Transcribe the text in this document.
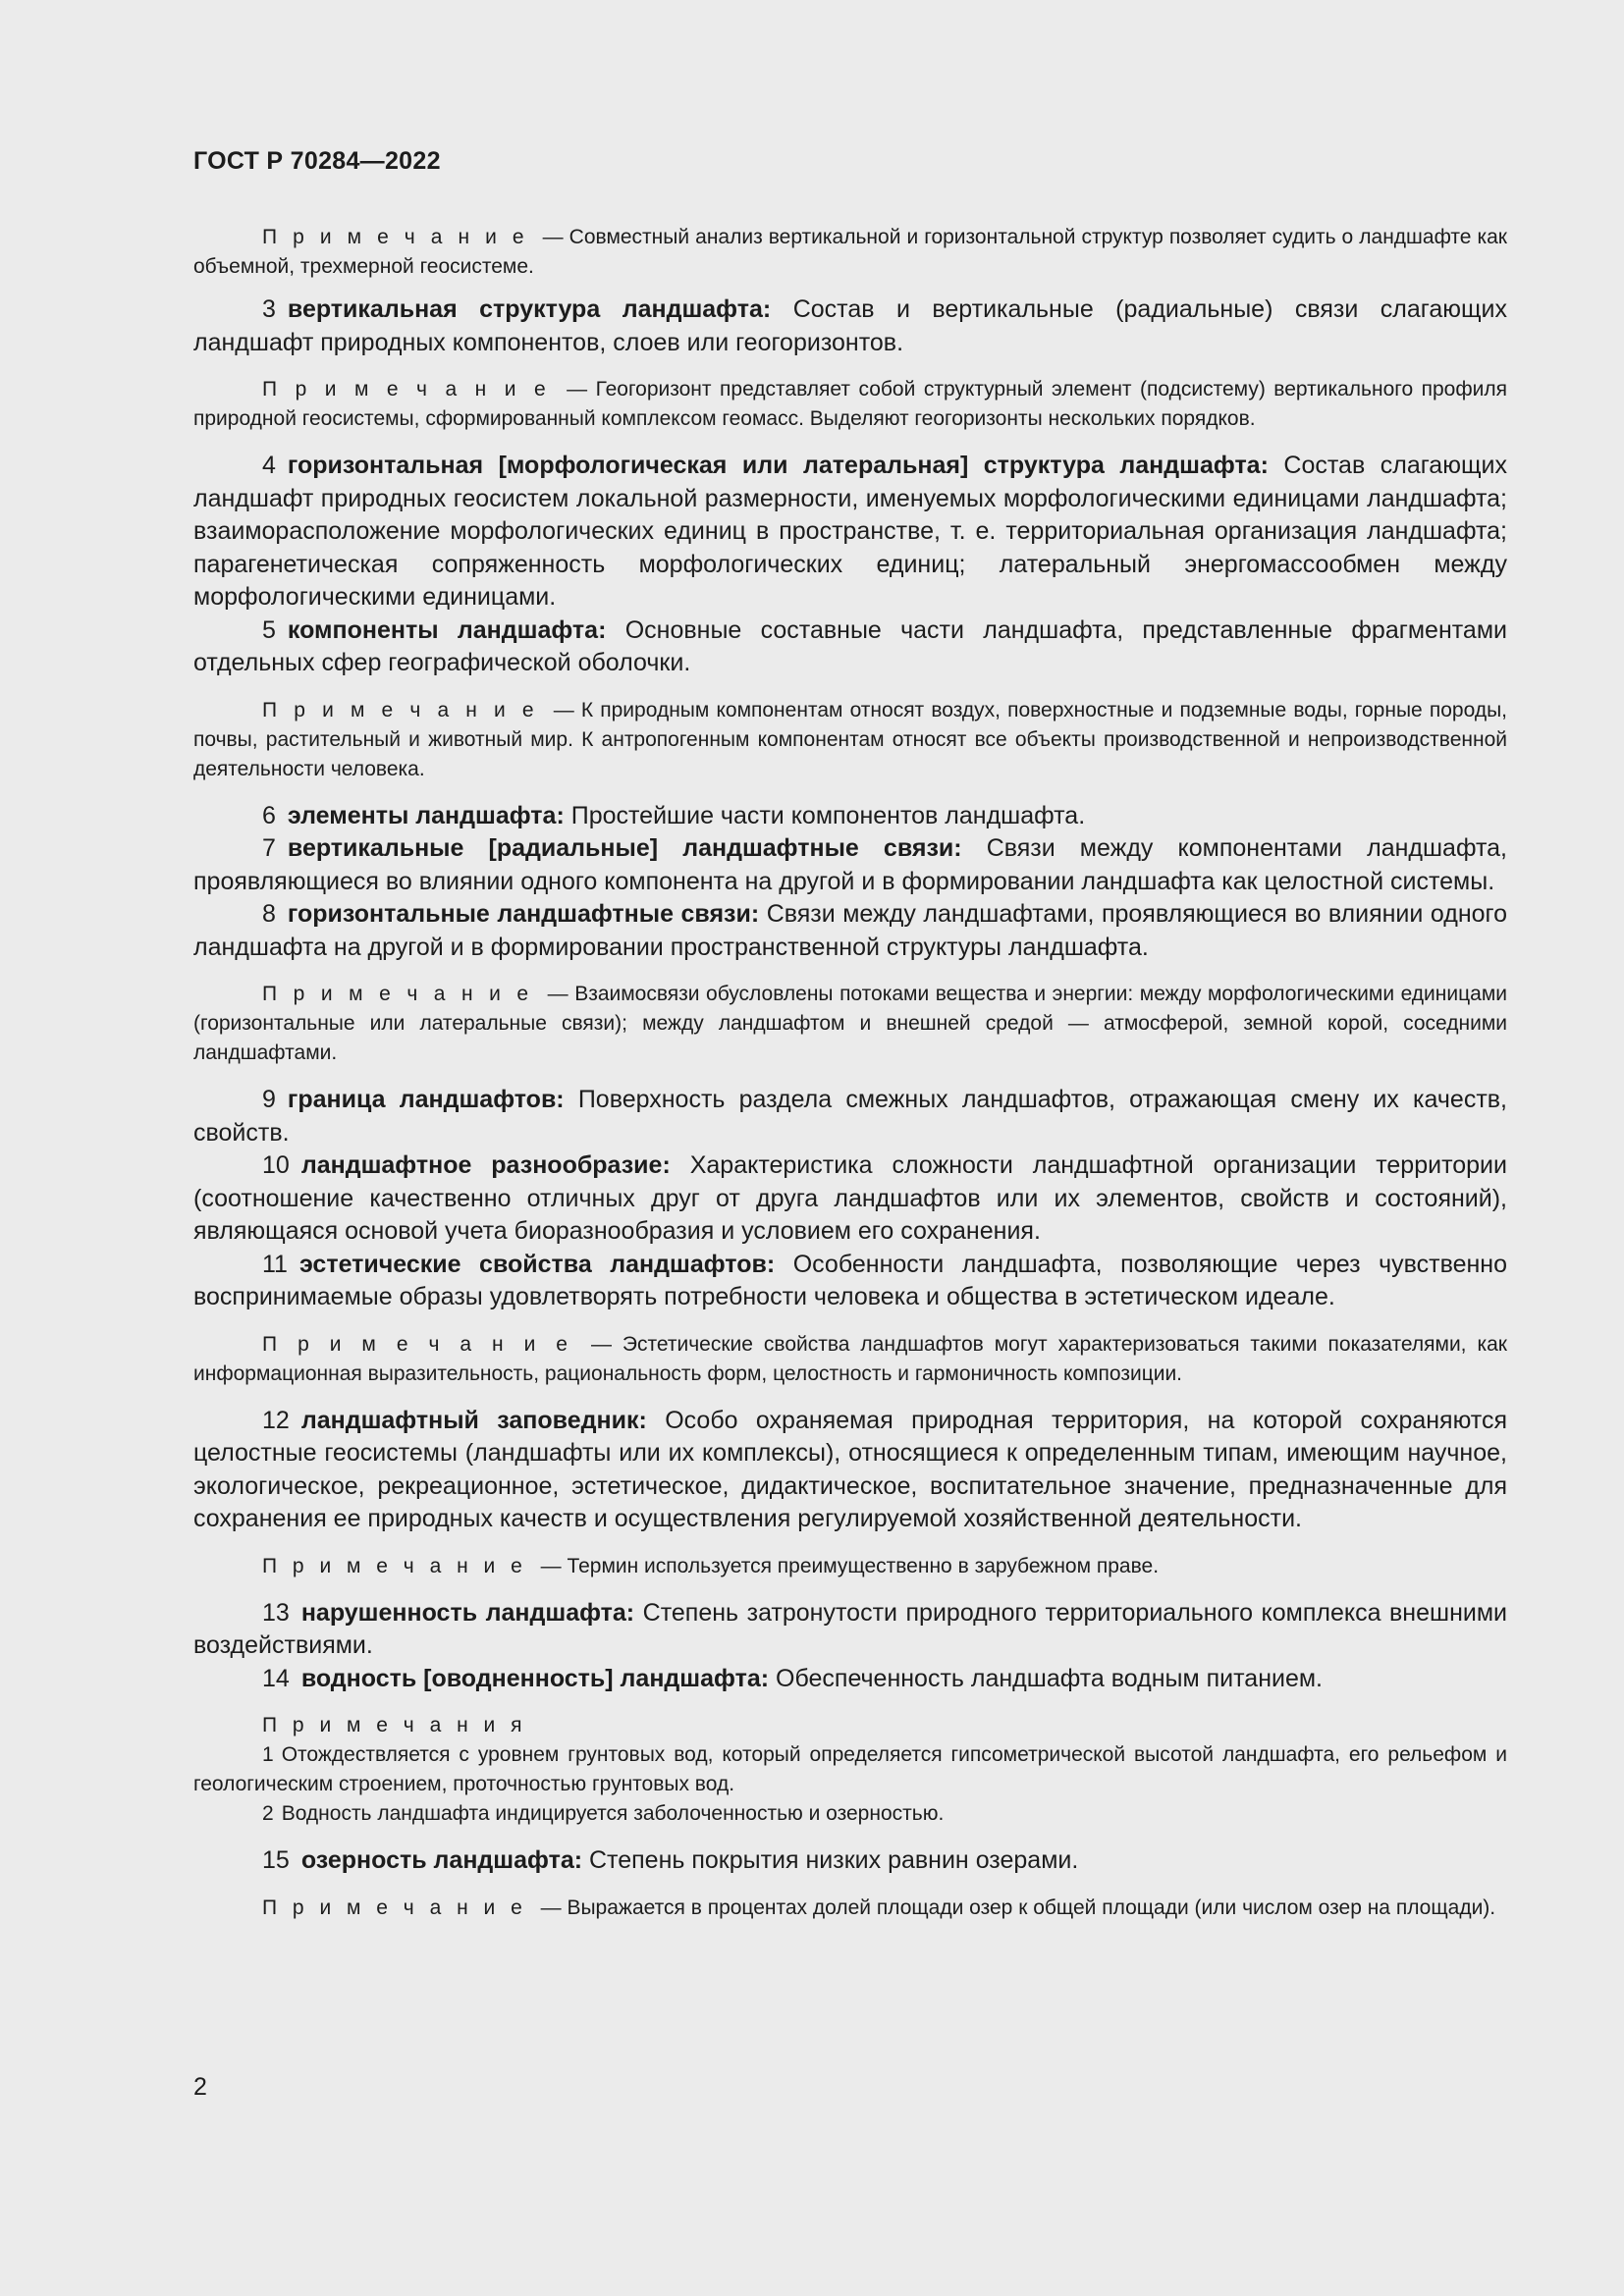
ГОСТ Р 70284—2022

П р и м е ч а н и е — Совместный анализ вертикальной и горизонтальной структур позволяет судить о ландшафте как объемной, трехмерной геосистеме.

3 вертикальная структура ландшафта: Состав и вертикальные (радиальные) связи слагающих ландшафт природных компонентов, слоев или геогоризонтов.

П р и м е ч а н и е — Геогоризонт представляет собой структурный элемент (подсистему) вертикального профиля природной геосистемы, сформированный комплексом геомасс. Выделяют геогоризонты нескольких порядков.

4 горизонтальная [морфологическая или латеральная] структура ландшафта: Состав слагающих ландшафт природных геосистем локальной размерности, именуемых морфологическими единицами ландшафта; взаиморасположение морфологических единиц в пространстве, т. е. территориальная организация ландшафта; парагенетическая сопряженность морфологических единиц; латеральный энергомассообмен между морфологическими единицами.

5 компоненты ландшафта: Основные составные части ландшафта, представленные фрагментами отдельных сфер географической оболочки.

П р и м е ч а н и е — К природным компонентам относят воздух, поверхностные и подземные воды, горные породы, почвы, растительный и животный мир. К антропогенным компонентам относят все объекты производственной и непроизводственной деятельности человека.

6 элементы ландшафта: Простейшие части компонентов ландшафта.

7 вертикальные [радиальные] ландшафтные связи: Связи между компонентами ландшафта, проявляющиеся во влиянии одного компонента на другой и в формировании ландшафта как целостной системы.

8 горизонтальные ландшафтные связи: Связи между ландшафтами, проявляющиеся во влиянии одного ландшафта на другой и в формировании пространственной структуры ландшафта.

П р и м е ч а н и е — Взаимосвязи обусловлены потоками вещества и энергии: между морфологическими единицами (горизонтальные или латеральные связи); между ландшафтом и внешней средой — атмосферой, земной корой, соседними ландшафтами.

9 граница ландшафтов: Поверхность раздела смежных ландшафтов, отражающая смену их качеств, свойств.

10 ландшафтное разнообразие: Характеристика сложности ландшафтной организации территории (соотношение качественно отличных друг от друга ландшафтов или их элементов, свойств и состояний), являющаяся основой учета биоразнообразия и условием его сохранения.

11 эстетические свойства ландшафтов: Особенности ландшафта, позволяющие через чувственно воспринимаемые образы удовлетворять потребности человека и общества в эстетическом идеале.

П р и м е ч а н и е — Эстетические свойства ландшафтов могут характеризоваться такими показателями, как информационная выразительность, рациональность форм, целостность и гармоничность композиции.

12 ландшафтный заповедник: Особо охраняемая природная территория, на которой сохраняются целостные геосистемы (ландшафты или их комплексы), относящиеся к определенным типам, имеющим научное, экологическое, рекреационное, эстетическое, дидактическое, воспитательное значение, предназначенные для сохранения ее природных качеств и осуществления регулируемой хозяйственной деятельности.

П р и м е ч а н и е — Термин используется преимущественно в зарубежном праве.

13 нарушенность ландшафта: Степень затронутости природного территориального комплекса внешними воздействиями.

14 водность [оводненность] ландшафта: Обеспеченность ландшафта водным питанием.

П р и м е ч а н и я

1 Отождествляется с уровнем грунтовых вод, который определяется гипсометрической высотой ландшафта, его рельефом и геологическим строением, проточностью грунтовых вод.

2 Водность ландшафта индицируется заболоченностью и озерностью.

15 озерность ландшафта: Степень покрытия низких равнин озерами.

П р и м е ч а н и е — Выражается в процентах долей площади озер к общей площади (или числом озер на площади).

2
